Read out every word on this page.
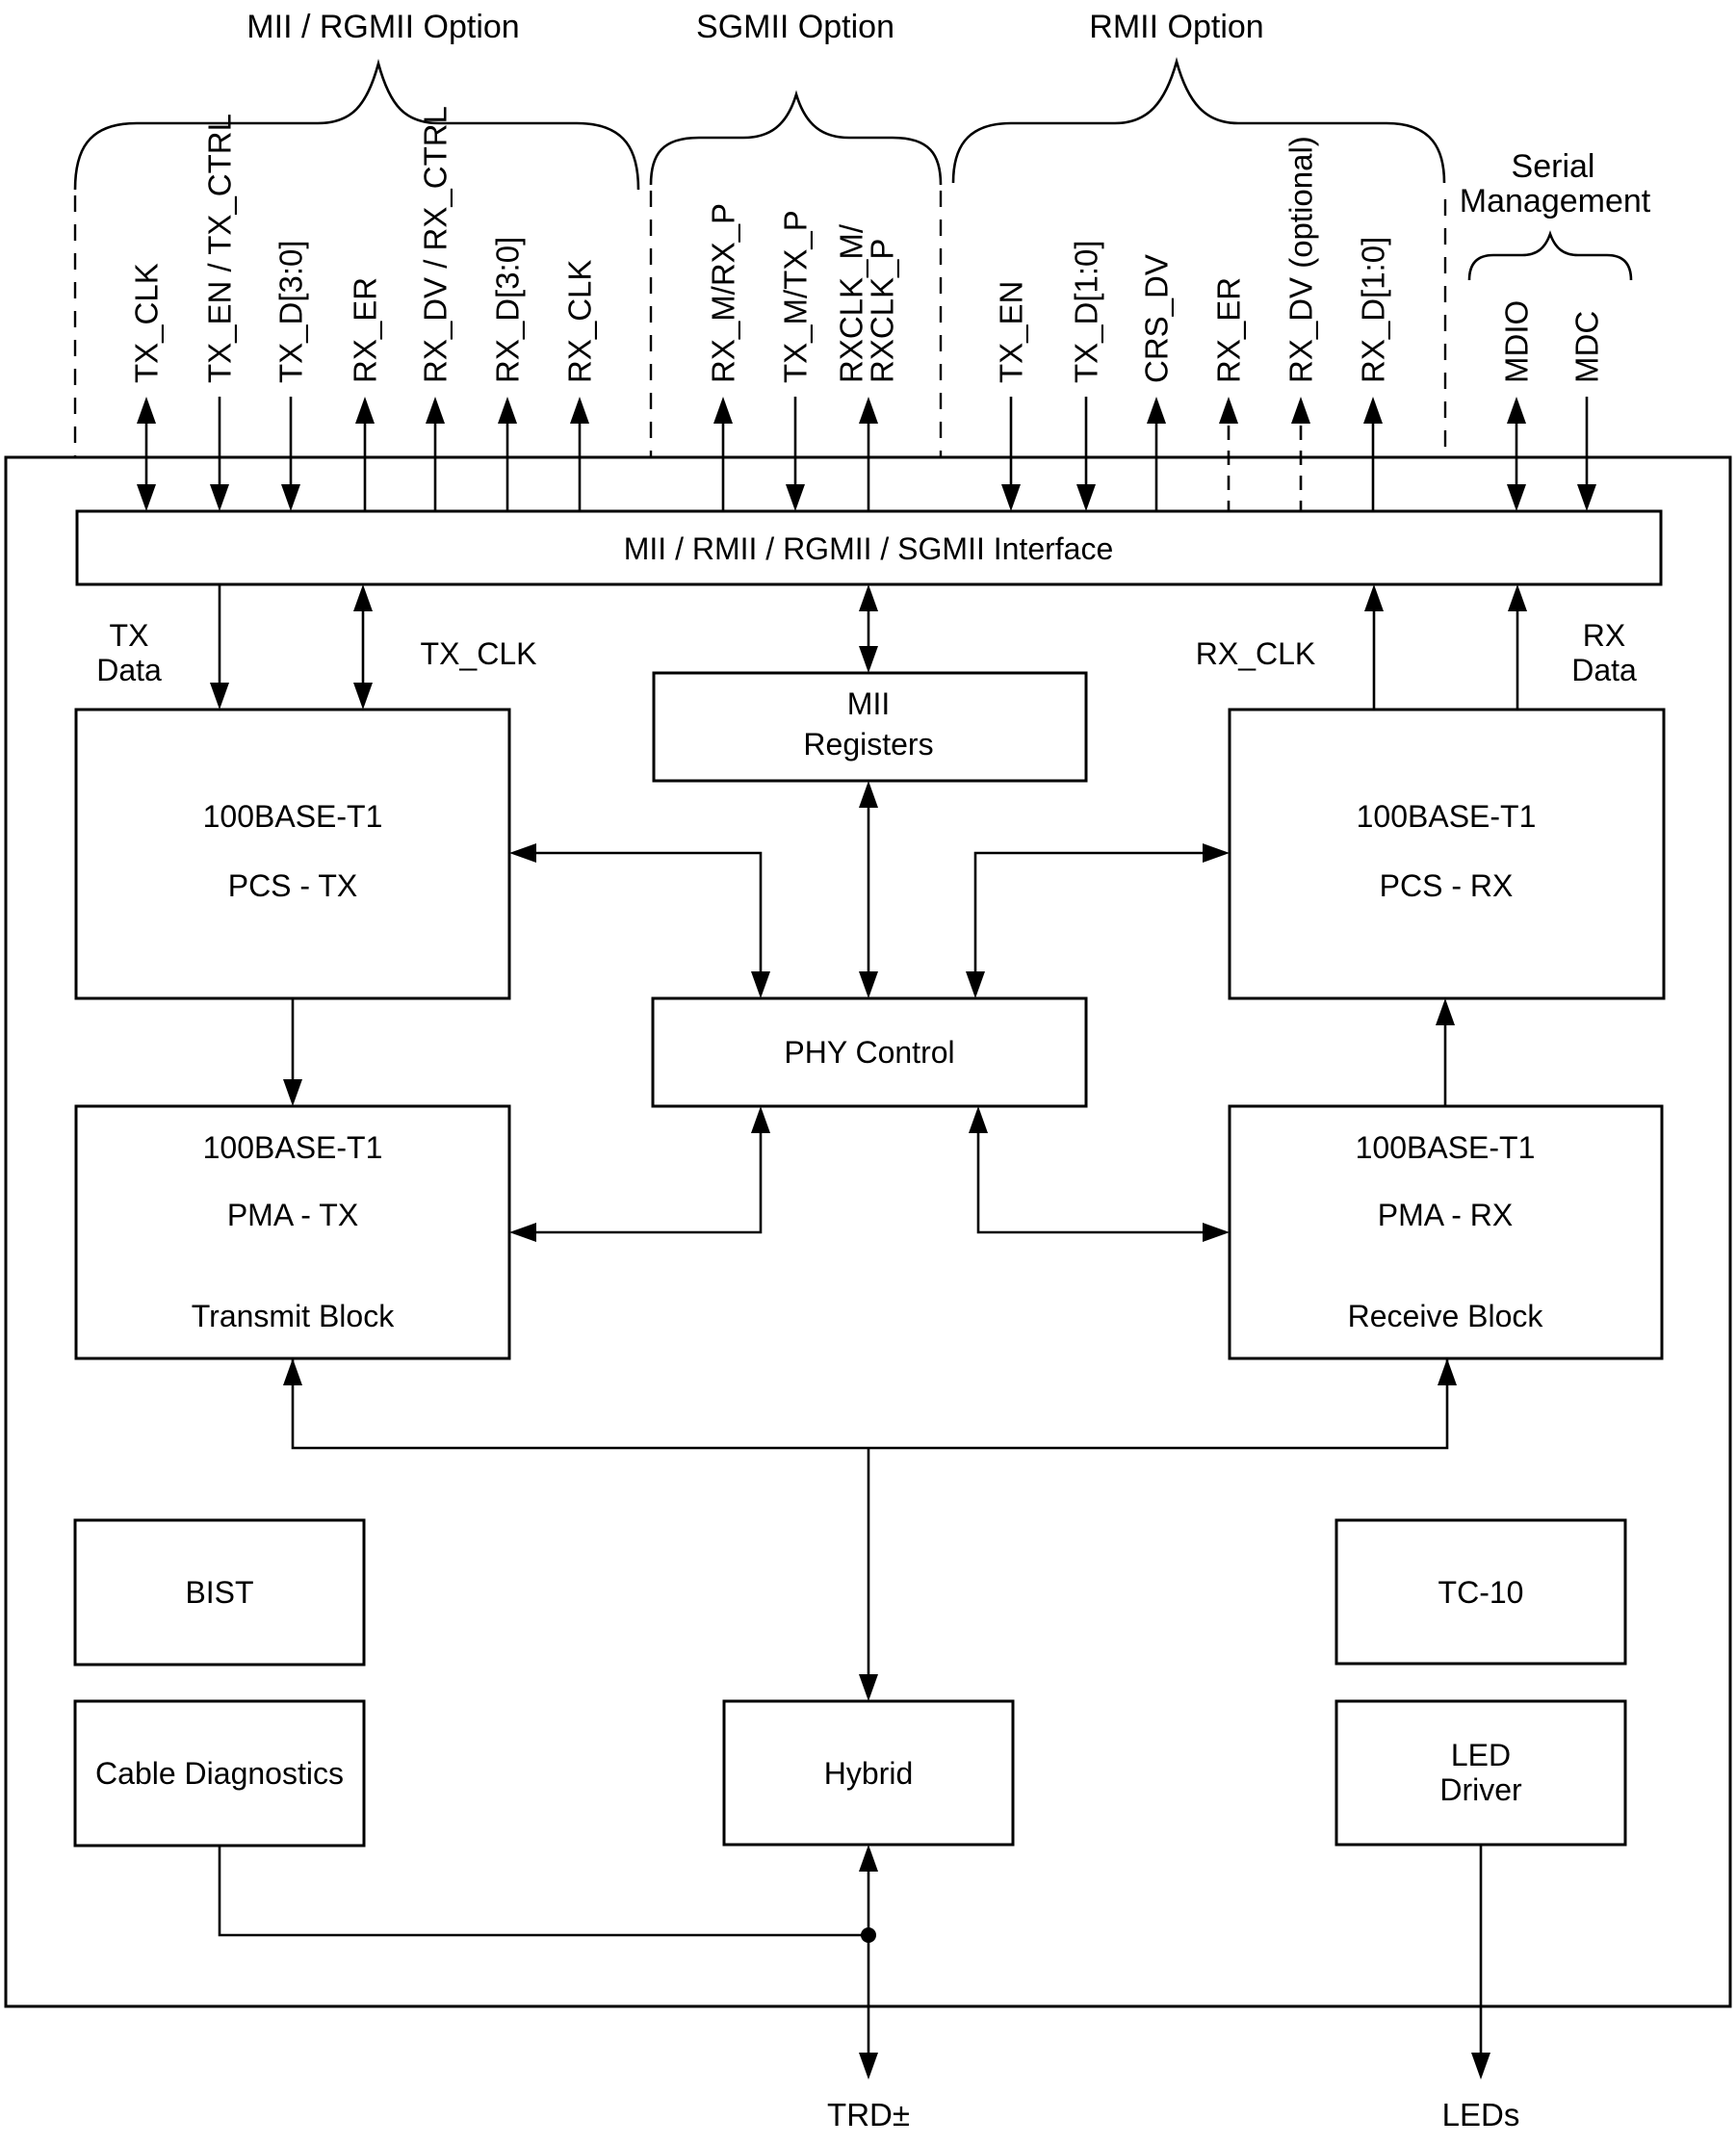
MII / RGMII Option	SGMII Option	RMII Option
Serial
Management
TX_CLK TX_EN / TX_CTRL TX_D[3:0] RX_ER RX_DV / RX_CTRL RX_D[3:0] RX_CLK	RX_M/RX_P TX_M/TX_P RXCLK_M/
RXCLK_P	TX_EN TX_D[1:0] CRS_DV RX_ER RX_DV (optional) RX_D[1:0]	MDIO MDC
MII / RMII / RGMII / SGMII Interface
TX
Data	TX_CLK	RX_CLK
RX
Data
MII
Registers
100BASE-T1
PCS - TX
100BASE-T1
PCS - RX
PHY Control
100BASE-T1
PMA - TX
Transmit Block
100BASE-T1
PMA - RX
Receive Block
BIST
Cable Diagnostics
TC-10
LED
Driver
Hybrid
TRD±	LEDs
